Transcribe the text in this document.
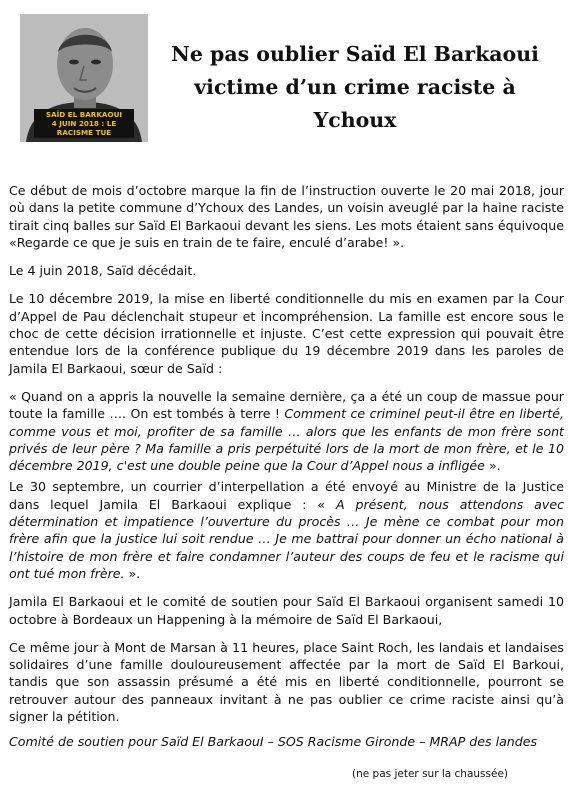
SAÏD EL BARKAOUI
4 JUIN 2018 : LE RACISME TUE
Ne pas oublier Saïd El Barkaoui victime d’un crime raciste à Ychoux

Ce début de mois d’octobre marque la fin de l’instruction ouverte le 20 mai 2018, jour où dans la petite commune d’Ychoux des Landes, un voisin aveuglé par la haine raciste tirait cinq balles sur Saïd El Barkaoui devant les siens. Les mots étaient sans équivoque «Regarde ce que je suis en train de te faire, enculé d’arabe! ».

Le 4 juin 2018, Saïd décédait.

Le 10 décembre 2019, la mise en liberté conditionnelle du mis en examen par la Cour d’Appel de Pau déclenchait stupeur et incompréhension. La famille est encore sous le choc de cette décision irrationnelle et injuste. C’est cette expression qui pouvait être entendue lors de la conférence publique du 19 décembre 2019 dans les paroles de Jamila El Barkaoui, sœur de Saïd :

« Quand on a appris la nouvelle la semaine dernière, ça a été un coup de massue pour toute la famille …. On est tombés à terre ! Comment ce criminel peut-il être en liberté, comme vous et moi, profiter de sa famille … alors que les enfants de mon frère sont privés de leur père ? Ma famille a pris perpétuité lors de la mort de mon frère, et le 10 décembre 2019, c'est une double peine que la Cour d’Appel nous a infligée ».

Le 30 septembre, un courrier d’interpellation a été envoyé au Ministre de la Justice dans lequel Jamila El Barkaoui explique : « A présent, nous attendons avec détermination et impatience l’ouverture du procès … Je mène ce combat pour mon frère afin que la justice lui soit rendue … Je me battrai pour donner un écho national à l’histoire de mon frère et faire condamner l’auteur des coups de feu et le racisme qui ont tué mon frère. ».

Jamila El Barkaoui et le comité de soutien pour Saïd El Barkaoui organisent samedi 10 octobre à Bordeaux un Happening à la mémoire de Saïd El Barkaoui,

Ce même jour à Mont de Marsan à 11 heures, place Saint Roch, les landais et landaises solidaires d’une famille douloureusement affectée par la mort de Saïd El Barkoui, tandis que son assassin présumé a été mis en liberté conditionnelle, pourront se retrouver autour des panneaux invitant à ne pas oublier ce crime raciste ainsi qu’à signer la pétition.

Comité de soutien pour Saïd El BarkaouI – SOS Racisme Gironde – MRAP des landes

(ne pas jeter sur la chaussée)
